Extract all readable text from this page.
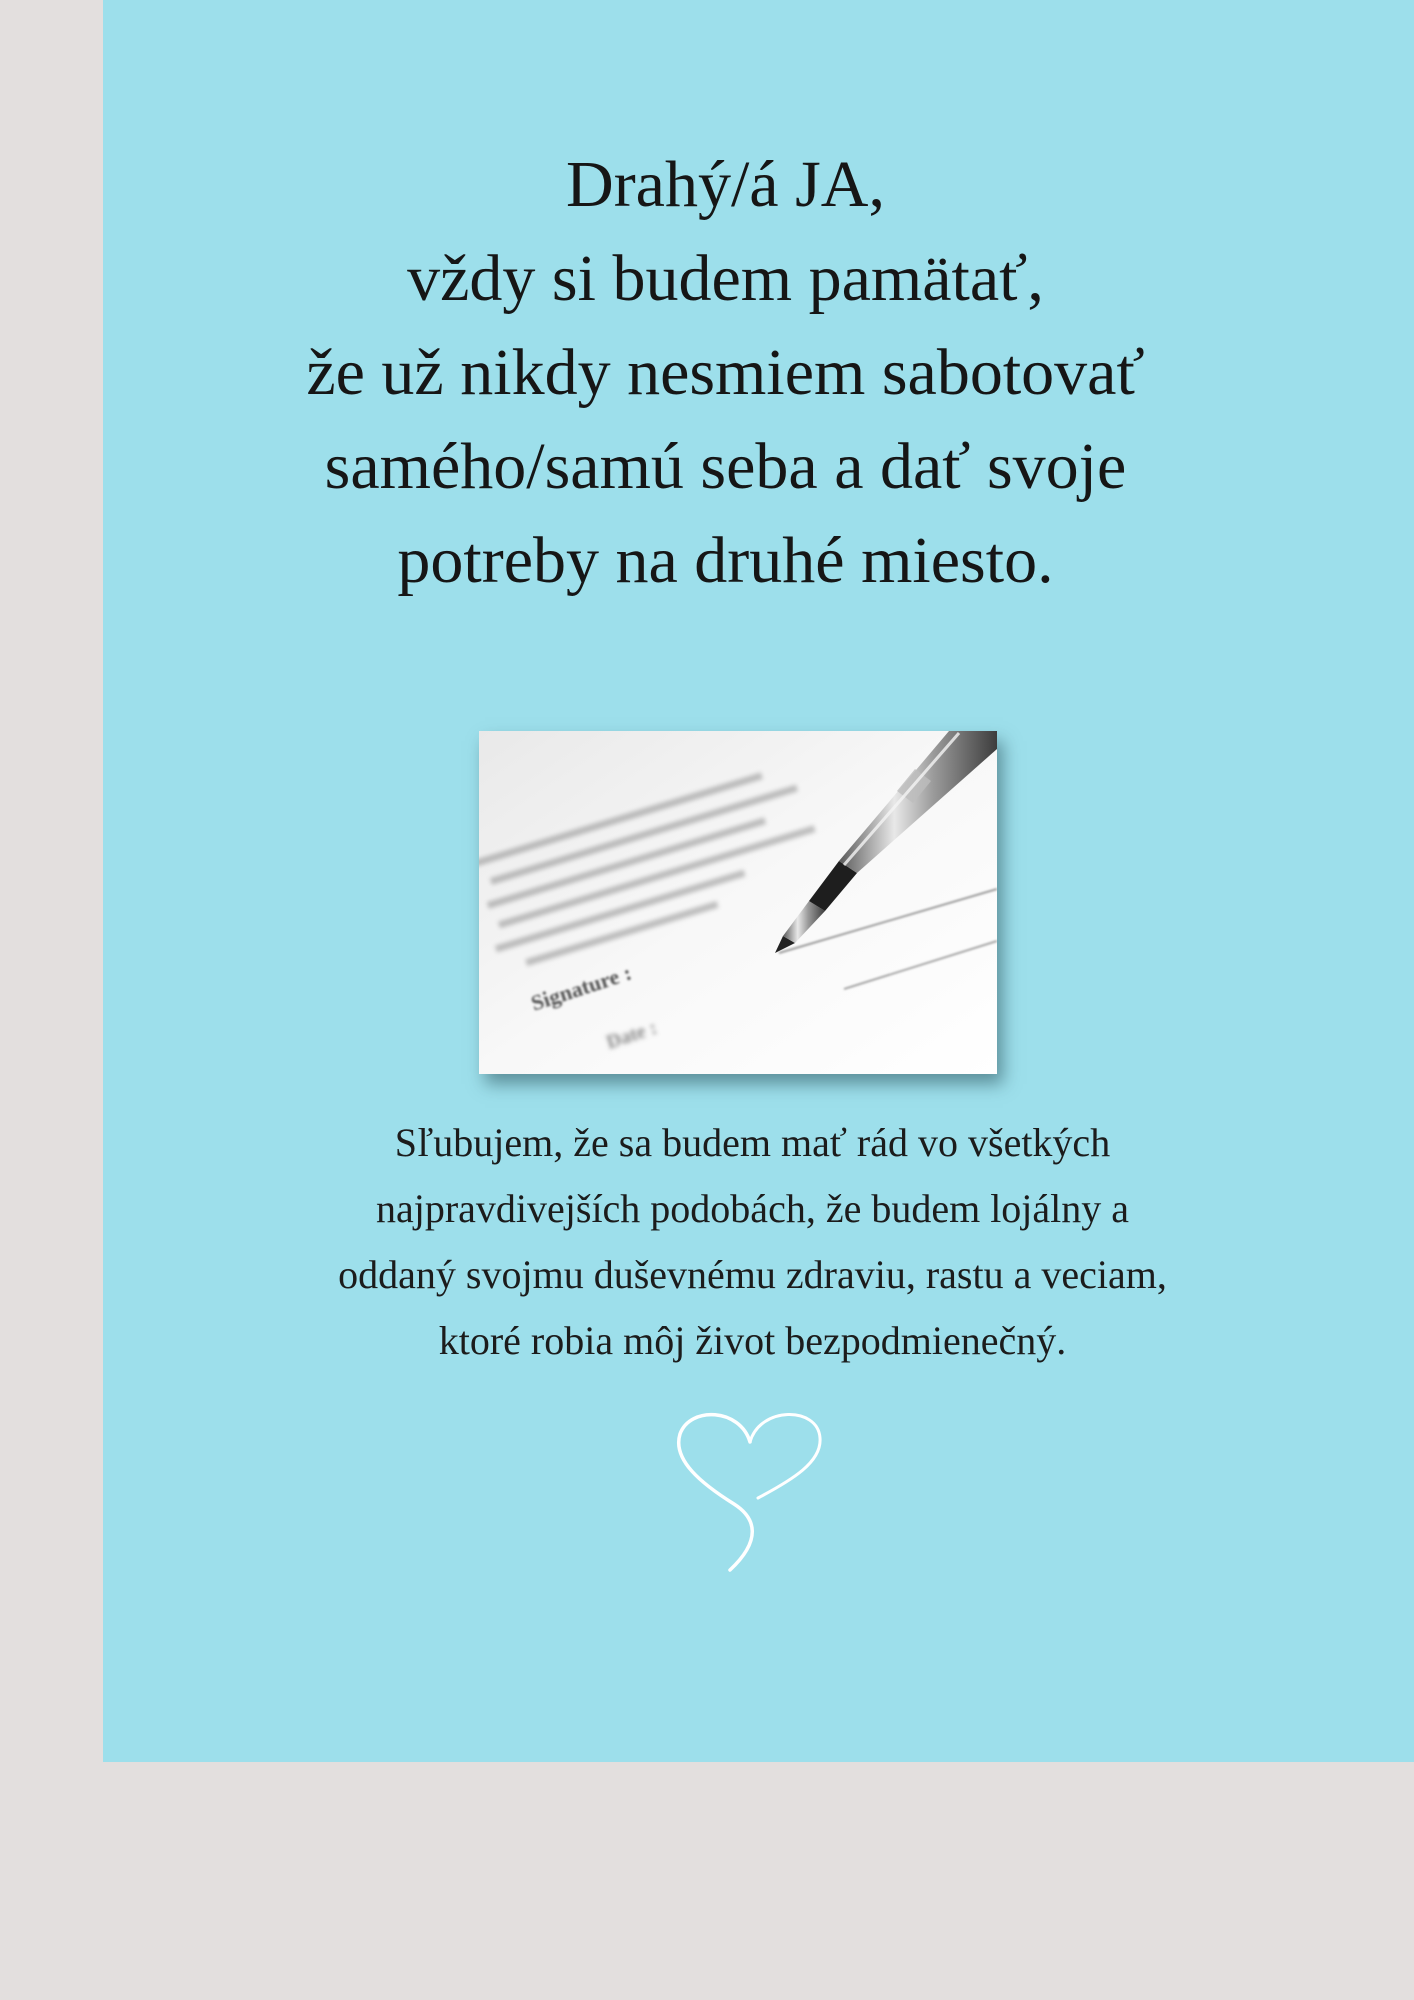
Drahý/á JA,
vždy si budem pamätať,
že už nikdy nesmiem sabotovať
samého/samú seba a dať svoje
potreby na druhé miesto.
Signature :
Date :

Sľubujem, že sa budem mať rád vo všetkých
najpravdivejších podobách, že budem lojálny a
oddaný svojmu duševnému zdraviu, rastu a veciam,
ktoré robia môj život bezpodmienečný.
